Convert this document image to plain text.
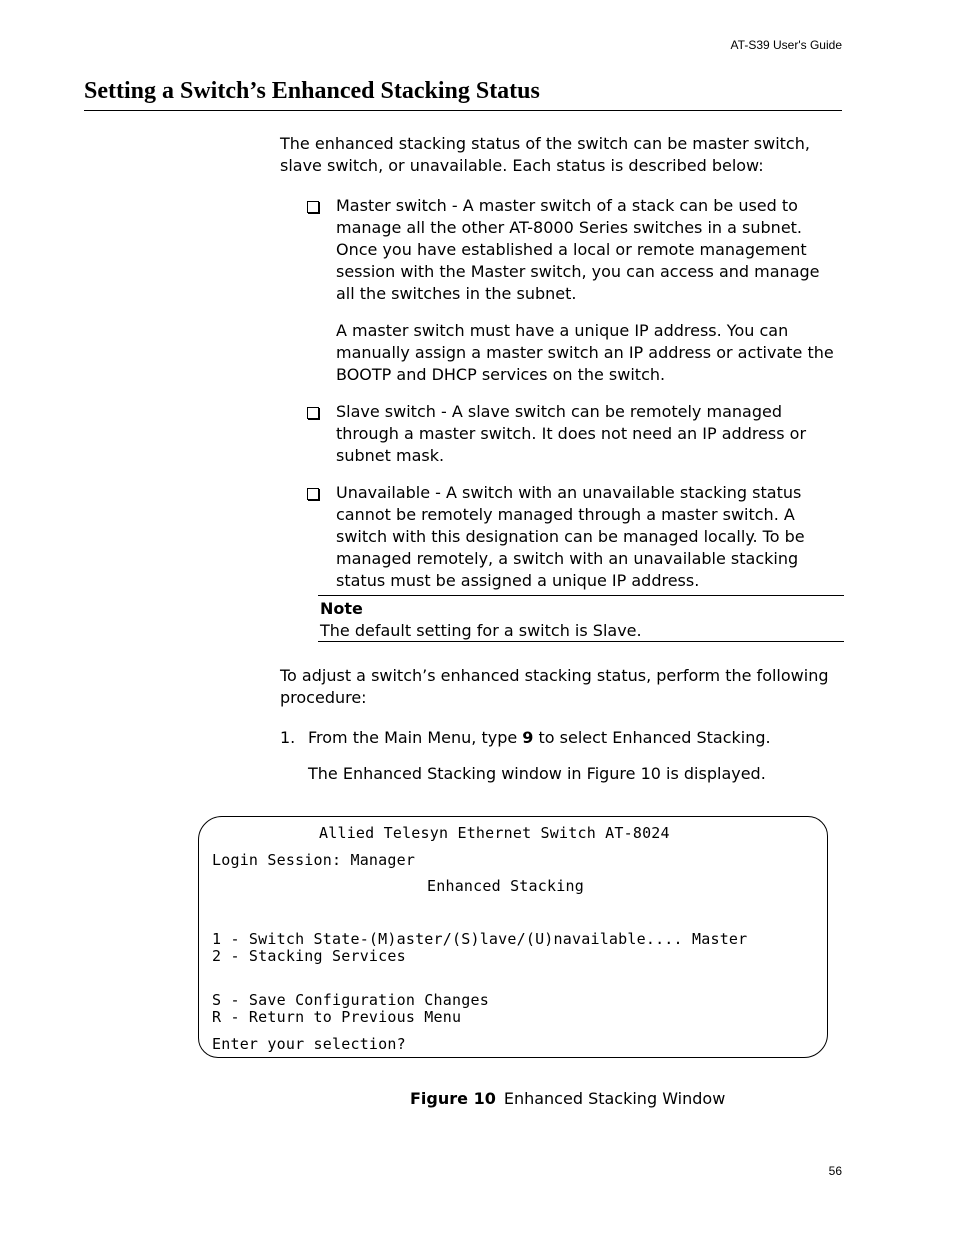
AT-S39 User's Guide
Setting a Switch’s Enhanced Stacking Status

The enhanced stacking status of the switch can be master switch, slave switch, or unavailable. Each status is described below:

Master switch - A master switch of a stack can be used to manage all the other AT-8000 Series switches in a subnet. Once you have established a local or remote management session with the Master switch, you can access and manage all the switches in the subnet.

A master switch must have a unique IP address. You can manually assign a master switch an IP address or activate the BOOTP and DHCP services on the switch.

Slave switch - A slave switch can be remotely managed through a master switch. It does not need an IP address or subnet mask.

Unavailable - A switch with an unavailable stacking status cannot be remotely managed through a master switch. A switch with this designation can be managed locally. To be managed remotely, a switch with an unavailable stacking status must be assigned a unique IP address.

Note
The default setting for a switch is Slave.

To adjust a switch’s enhanced stacking status, perform the following procedure:

1. From the Main Menu, type 9 to select Enhanced Stacking.

The Enhanced Stacking window in Figure 10 is displayed.

Allied Telesyn Ethernet Switch AT-8024
Login Session: Manager
Enhanced Stacking
1 - Switch State-(M)aster/(S)lave/(U)navailable.... Master
2 - Stacking Services
S - Save Configuration Changes
R - Return to Previous Menu
Enter your selection?
Figure 10 Enhanced Stacking Window
56
